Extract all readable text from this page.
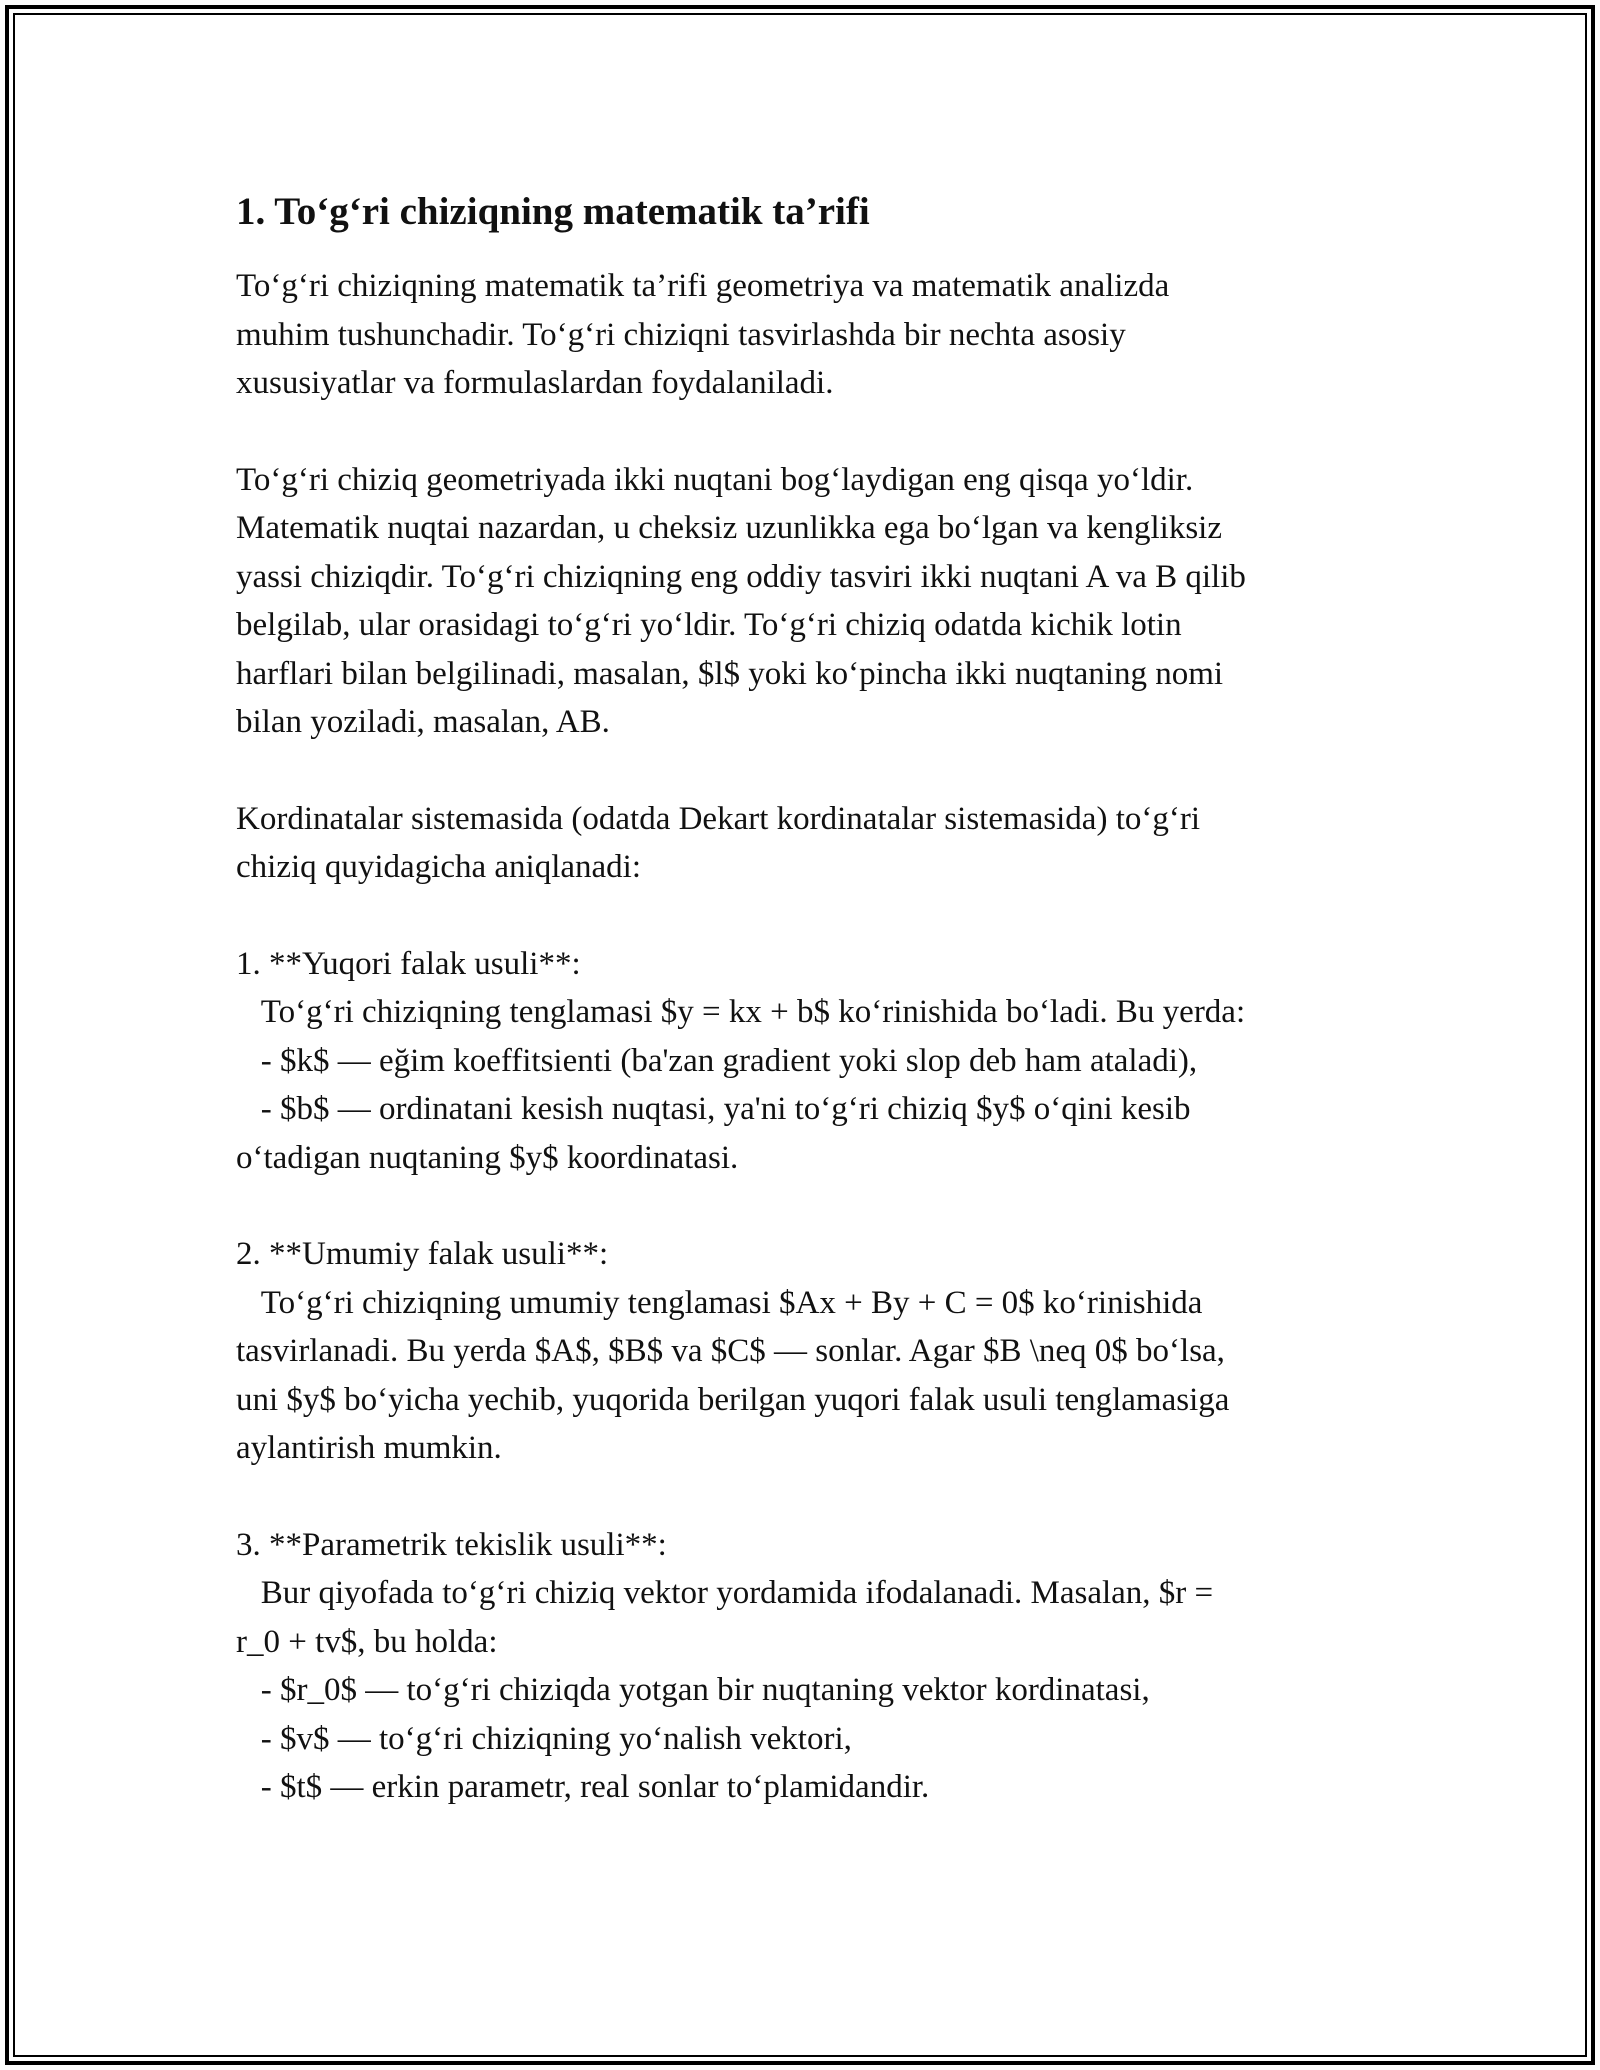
1. To‘g‘ri chiziqning matematik ta’rifi

To‘g‘ri chiziqning matematik ta’rifi geometriya va matematik analizda
muhim tushunchadir. To‘g‘ri chiziqni tasvirlashda bir nechta asosiy
xususiyatlar va formulaslardan foydalaniladi.

To‘g‘ri chiziq geometriyada ikki nuqtani bog‘laydigan eng qisqa yo‘ldir.
Matematik nuqtai nazardan, u cheksiz uzunlikka ega bo‘lgan va kengliksiz
yassi chiziqdir. To‘g‘ri chiziqning eng oddiy tasviri ikki nuqtani A va B qilib
belgilab, ular orasidagi to‘g‘ri yo‘ldir. To‘g‘ri chiziq odatda kichik lotin
harflari bilan belgilinadi, masalan, $l$ yoki ko‘pincha ikki nuqtaning nomi
bilan yoziladi, masalan, AB.

Kordinatalar sistemasida (odatda Dekart kordinatalar sistemasida) to‘g‘ri
chiziq quyidagicha aniqlanadi:

1. **Yuqori falak usuli**:
To‘g‘ri chiziqning tenglamasi $y = kx + b$ ko‘rinishida bo‘ladi. Bu yerda:
- $k$ — eğim koeffitsienti (ba'zan gradient yoki slop deb ham ataladi),
- $b$ — ordinatani kesish nuqtasi, ya'ni to‘g‘ri chiziq $y$ o‘qini kesib
o‘tadigan nuqtaning $y$ koordinatasi.

2. **Umumiy falak usuli**:
To‘g‘ri chiziqning umumiy tenglamasi $Ax + By + C = 0$ ko‘rinishida
tasvirlanadi. Bu yerda $A$, $B$ va $C$ — sonlar. Agar $B \neq 0$ bo‘lsa,
uni $y$ bo‘yicha yechib, yuqorida berilgan yuqori falak usuli tenglamasiga
aylantirish mumkin.

3. **Parametrik tekislik usuli**:
Bur qiyofada to‘g‘ri chiziq vektor yordamida ifodalanadi. Masalan, $r =
r_0 + tv$, bu holda:
- $r_0$ — to‘g‘ri chiziqda yotgan bir nuqtaning vektor kordinatasi,
- $v$ — to‘g‘ri chiziqning yo‘nalish vektori,
- $t$ — erkin parametr, real sonlar to‘plamidandir.
